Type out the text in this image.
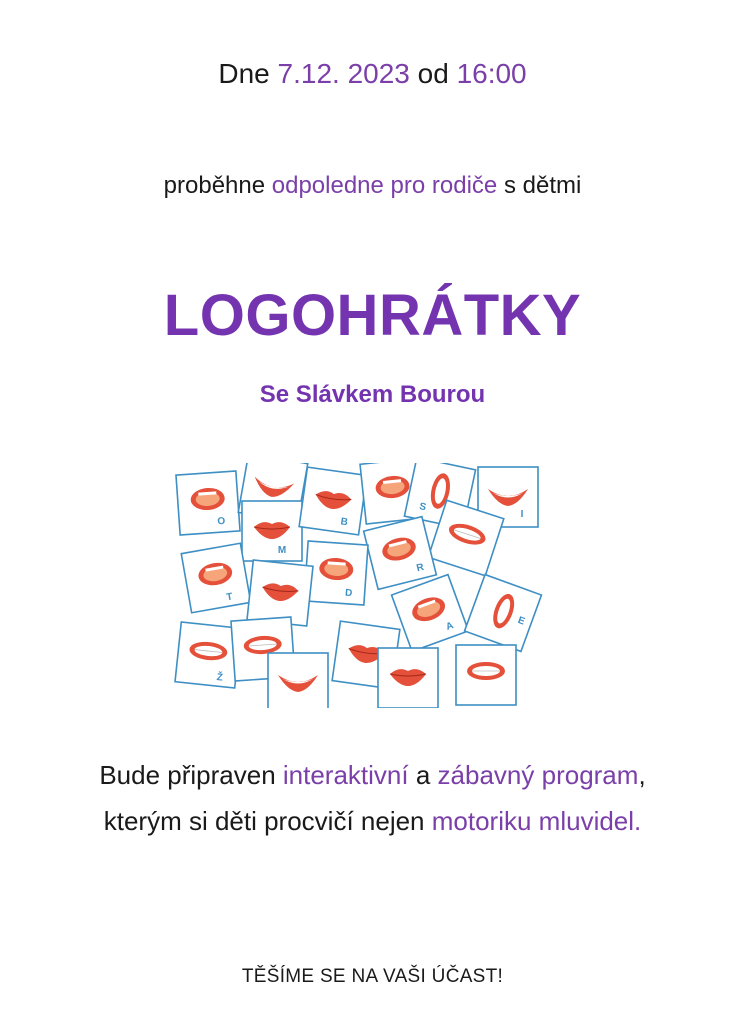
Dne 7.12. 2023 od 16:00
proběhne odpoledne pro rodiče s dětmi
LOGOHRÁTKY
Se Slávkem Bourou
O
M
B
S
I
R
D
T
A	E
Ž
Bude připraven interaktivní a zábavný program,
kterým si děti procvičí nejen motoriku mluvidel.
TĚŠÍME SE NA VAŠI ÚČAST!
